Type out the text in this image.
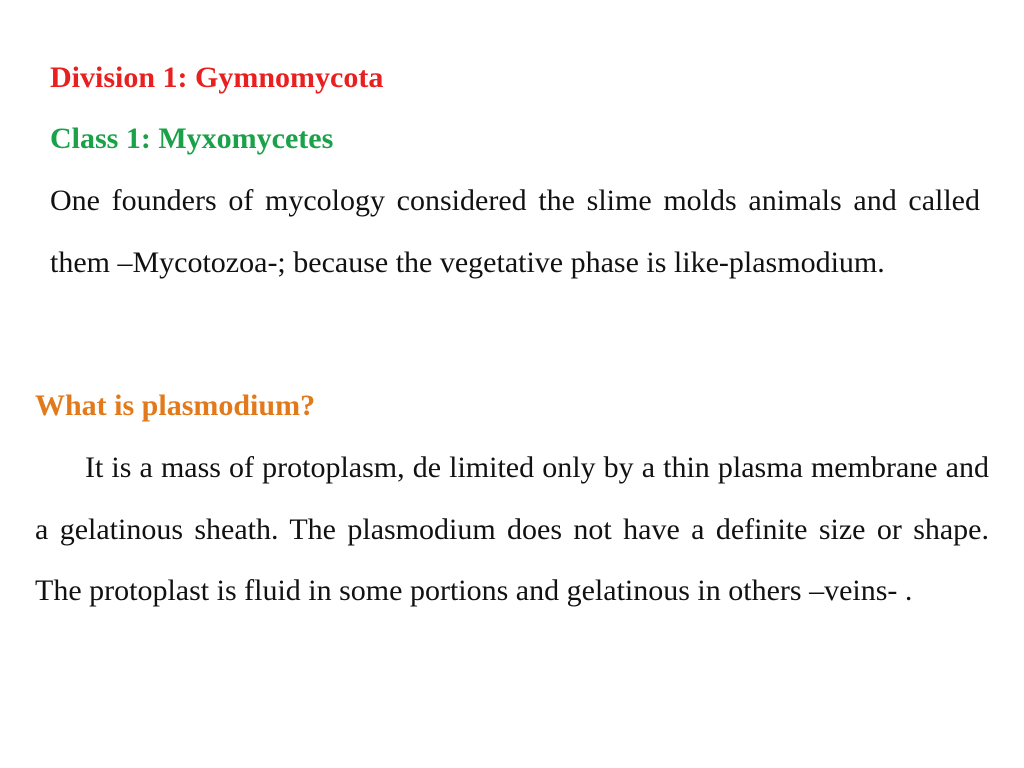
Division 1: Gymnomycota
Class 1: Myxomycetes
One founders of mycology considered the slime molds animals and called them ‒Mycotozoa-; because the vegetative phase is like-plasmodium.
What is plasmodium?
It is a mass of protoplasm, de limited only by a thin plasma membrane and a gelatinous sheath. The plasmodium does not have a definite size or shape. The protoplast is fluid in some portions and gelatinous in others ‒veins- .
